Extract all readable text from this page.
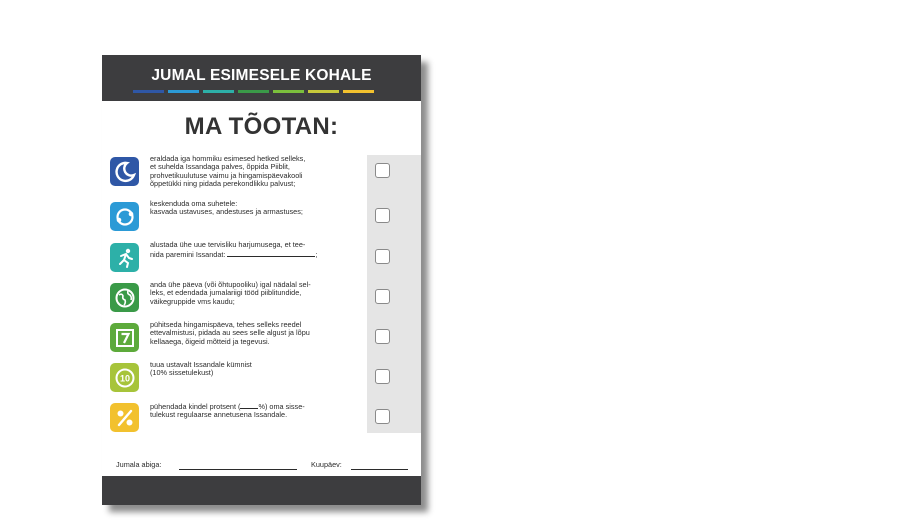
JUMAL ESIMESELE KOHALE
MA TÕOTAN:
eraldada iga hommiku esimesed hetked selleks,
et suhelda Issandaga palves, õppida Piiblit,
prohvetikuulutuse vaimu ja hingamispäevakooli
õppetükki ning pidada perekondlikku palvust;
keskenduda oma suhetele:
kasvada ustavuses, andestuses ja armastuses;
alustada ühe uue tervisliku harjumusega, et tee-
nida paremini Issandat:	;
anda ühe päeva (või õhtupooliku) igal nädalal sel-
leks, et edendada jumalariigi tööd piiblitundide,
väikegruppide vms kaudu;
pühitseda hingamispäeva, tehes selleks reedel
ettevalmistusi, pidada au sees selle algust ja lõpu
kellaaega, õigeid mõtteid ja tegevusi.
10
tuua ustavalt Issandale kümnist
(10% sissetulekust)
pühendada kindel protsent ( %) oma sisse-
tulekust regulaarse annetusena Issandale.
Jumala abiga:	Kuupäev:
